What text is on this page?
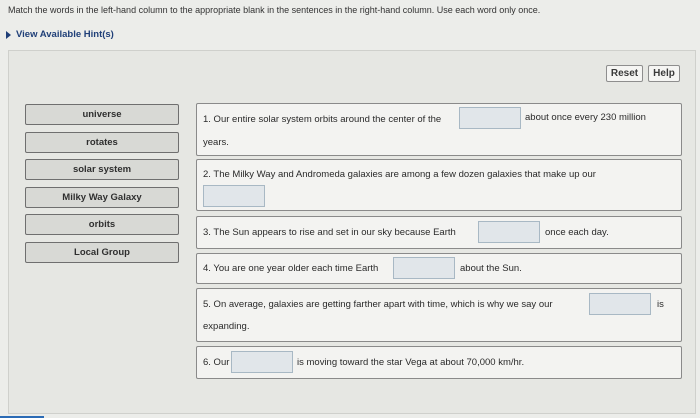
Match the words in the left-hand column to the appropriate blank in the sentences in the right-hand column. Use each word only once.
View Available Hint(s)
Reset	Help
universe
rotates
solar system
Milky Way Galaxy
orbits
Local Group
1. Our entire solar system orbits around the center of the	about once every 230 million
years.
2. The Milky Way and Andromeda galaxies are among a few dozen galaxies that make up our
3. The Sun appears to rise and set in our sky because Earth	once each day.
4. You are one year older each time Earth	about the Sun.
5. On average, galaxies are getting farther apart with time, which is why we say our	is
expanding.
6. Our	is moving toward the star Vega at about 70,000 km/hr.
